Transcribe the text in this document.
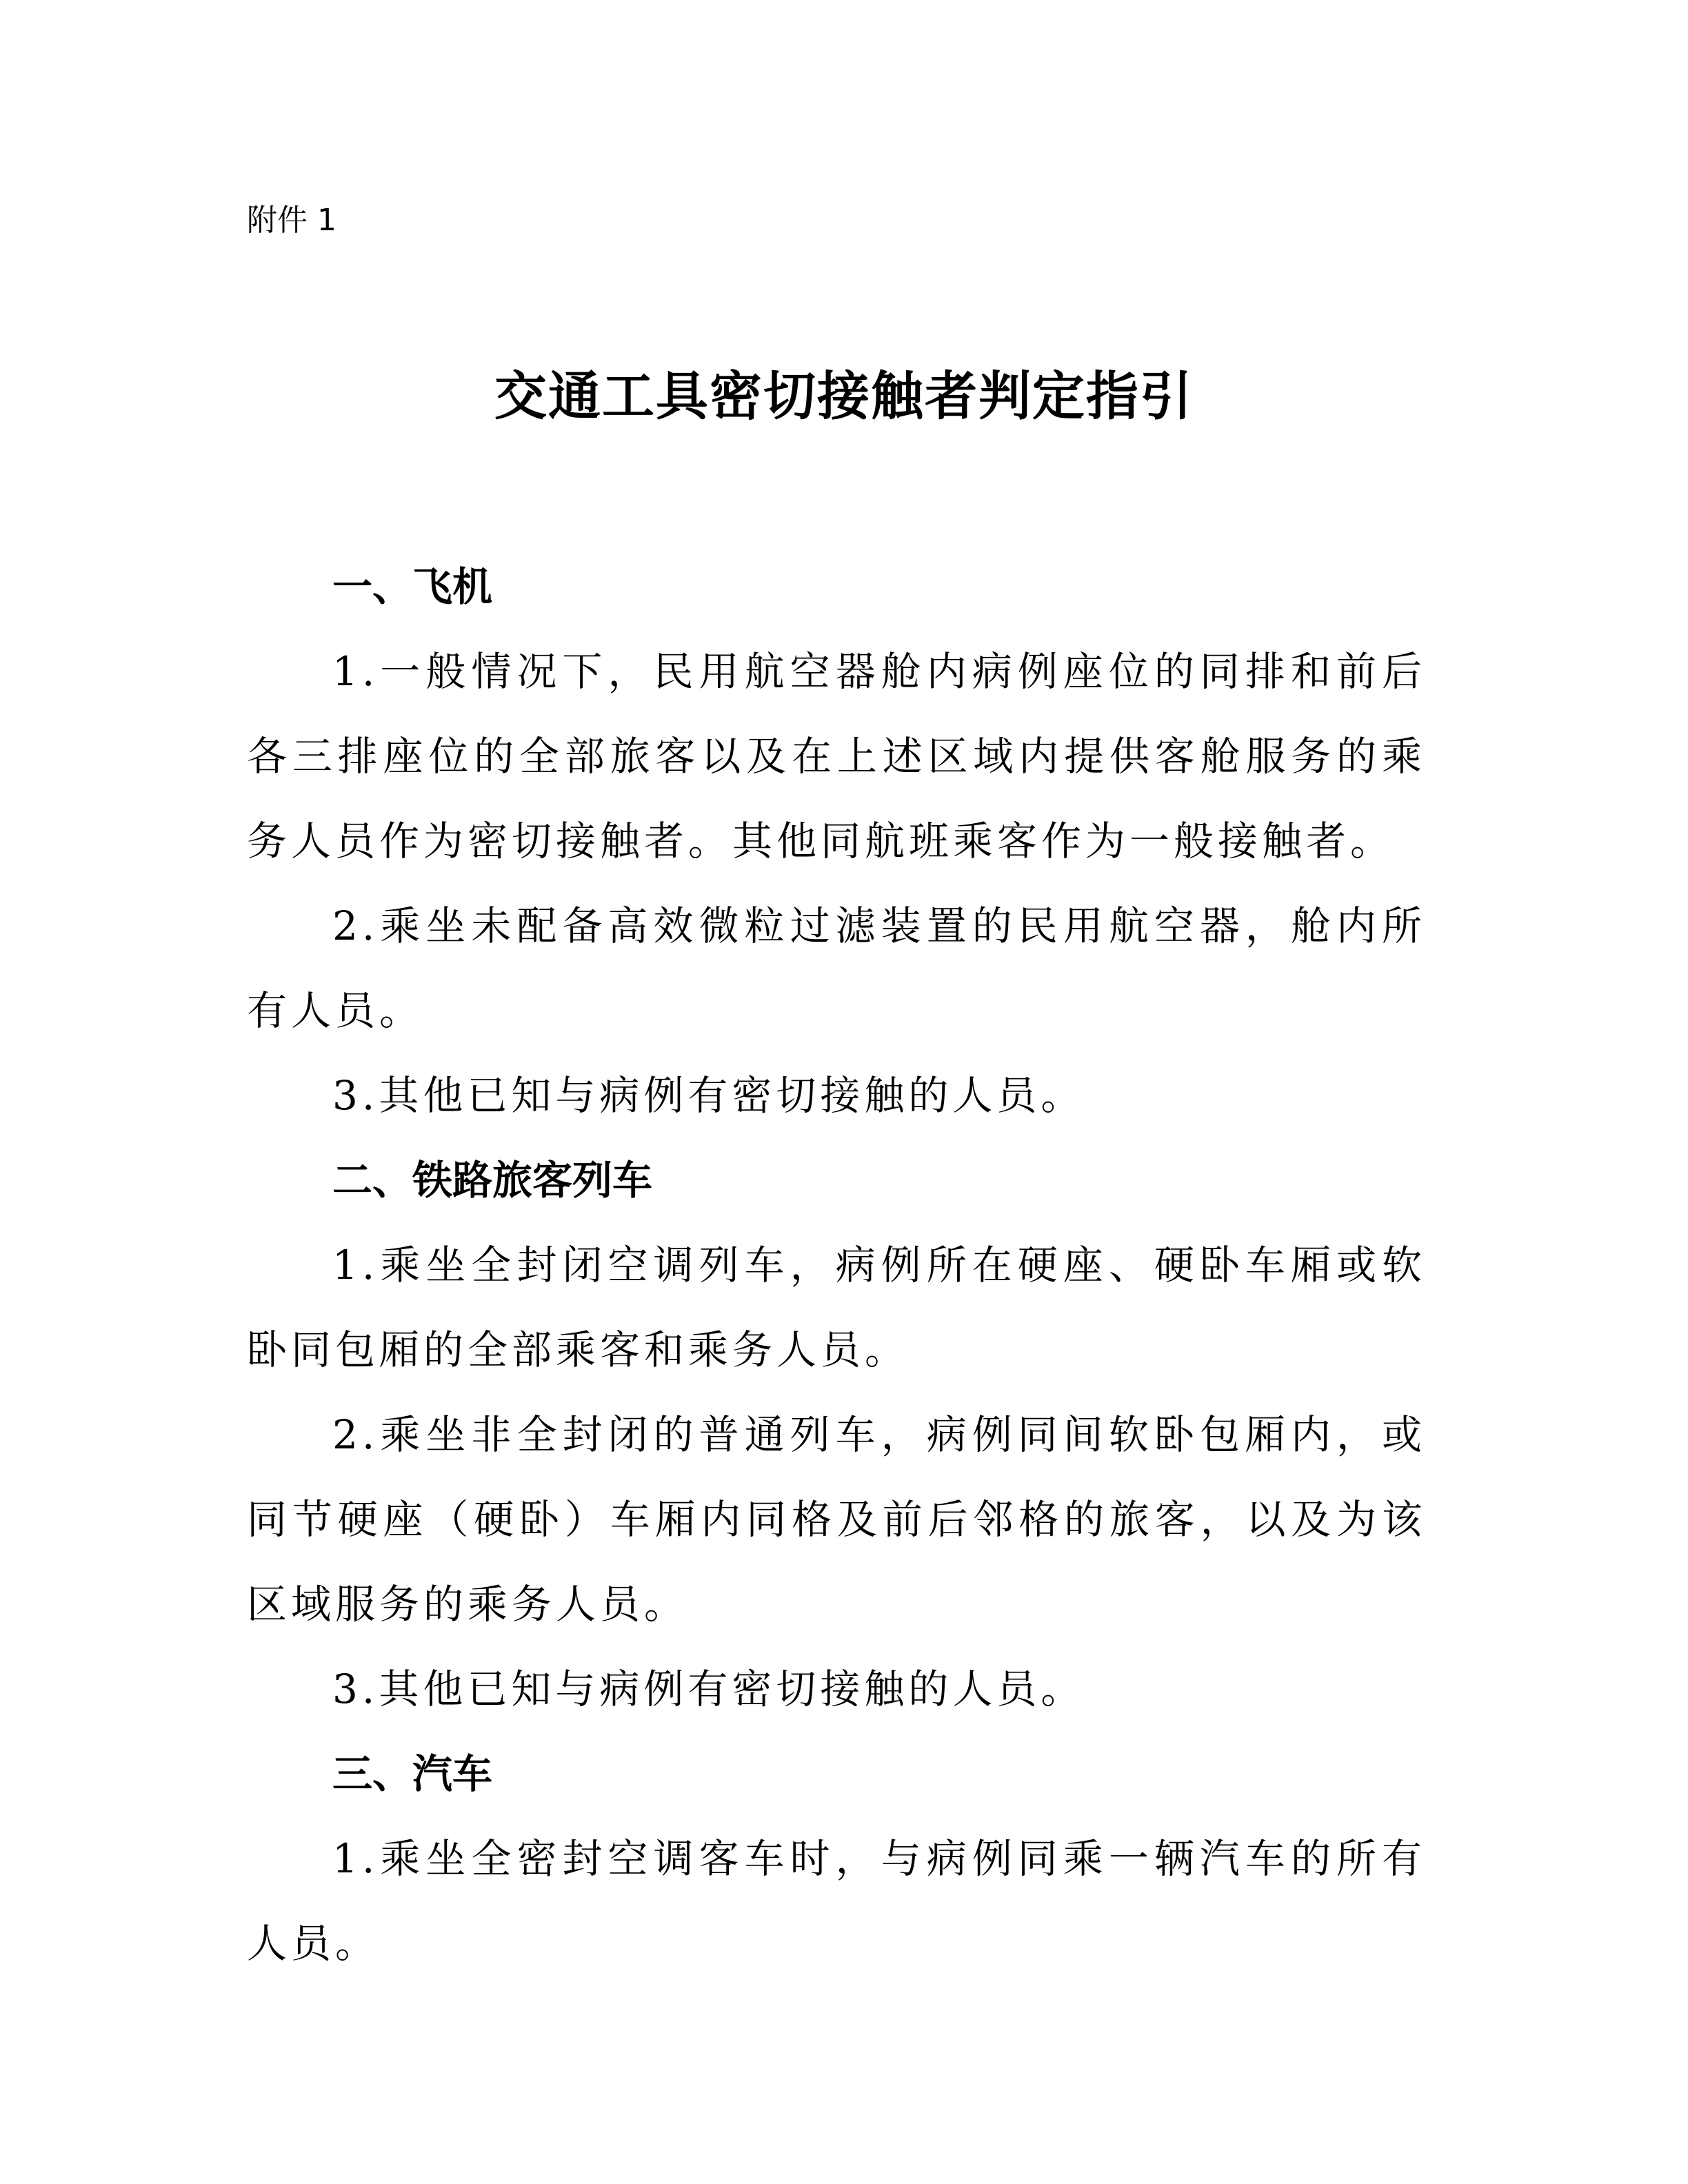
附件 1
交通工具密切接触者判定指引

一、飞机

1.一般情况下，民用航空器舱内病例座位的同排和前后各三排座位的全部旅客以及在上述区域内提供客舱服务的乘务人员作为密切接触者。其他同航班乘客作为一般接触者。

2.乘坐未配备高效微粒过滤装置的民用航空器，舱内所有人员。

3.其他已知与病例有密切接触的人员。

二、铁路旅客列车

1.乘坐全封闭空调列车，病例所在硬座、硬卧车厢或软卧同包厢的全部乘客和乘务人员。

2.乘坐非全封闭的普通列车，病例同间软卧包厢内，或同节硬座（硬卧）车厢内同格及前后邻格的旅客，以及为该区域服务的乘务人员。

3.其他已知与病例有密切接触的人员。

三、汽车

1.乘坐全密封空调客车时，与病例同乘一辆汽车的所有人员。
